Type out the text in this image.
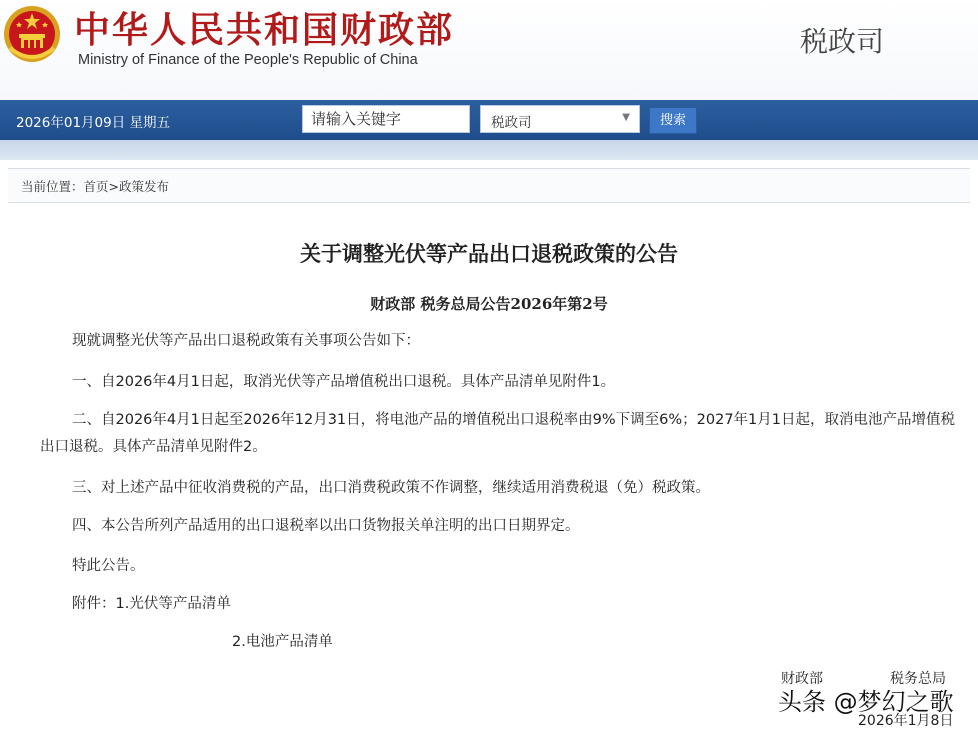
中华人民共和国财政部
Ministry of Finance of the People's Republic of China
税政司
2026年01月09日 星期五
请输入关键字	税政司	▼	搜索
当前位置：首页>政策发布
关于调整光伏等产品出口退税政策的公告
财政部 税务总局公告2026年第2号
现就调整光伏等产品出口退税政策有关事项公告如下：
一、自2026年4月1日起，取消光伏等产品增值税出口退税。具体产品清单见附件1。
二、自2026年4月1日起至2026年12月31日，将电池产品的增值税出口退税率由9%下调至6%；2027年1月1日起，取消电池产品增值税出口退税。具体产品清单见附件2。
三、对上述产品中征收消费税的产品，出口消费税政策不作调整，继续适用消费税退（免）税政策。
四、本公告所列产品适用的出口退税率以出口货物报关单注明的出口日期界定。
特此公告。
附件：1.光伏等产品清单
2.电池产品清单
财政部	税务总局
2026年1月8日
头条 @梦幻之歌
